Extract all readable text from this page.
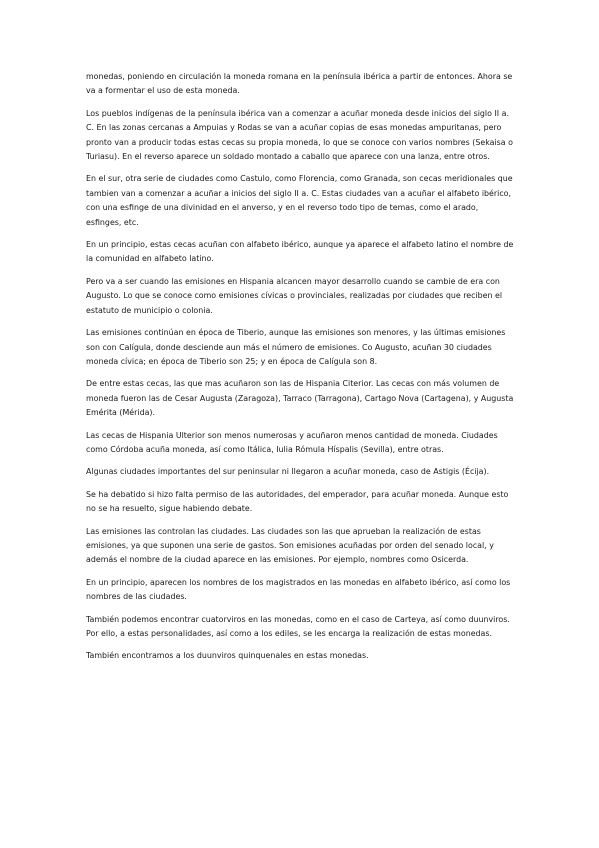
monedas, poniendo en circulación la moneda romana en la península ibérica a partir de entonces. Ahora se va a formentar el uso de esta moneda.

Los pueblos indígenas de la península ibérica van a comenzar a acuñar moneda desde inicios del siglo II a. C. En las zonas cercanas a Ampuias y Rodas se van a acuñar copias de esas monedas ampuritanas, pero pronto van a producir todas estas cecas su propia moneda, lo que se conoce con varios nombres (Sekaisa o Turiasu). En el reverso aparece un soldado montado a caballo que aparece con una lanza, entre otros.

En el sur, otra serie de ciudades como Castulo, como Florencia, como Granada, son cecas meridionales que tambien van a comenzar a acuñar a inicios del siglo II a. C. Estas ciudades van a acuñar el alfabeto ibérico, con una esfinge de una divinidad en el anverso, y en el reverso todo tipo de temas, como el arado, esfinges, etc.

En un principio, estas cecas acuñan con alfabeto ibérico, aunque ya aparece el alfabeto latino el nombre de la comunidad en alfabeto latino.

Pero va a ser cuando las emisiones en Hispania alcancen mayor desarrollo cuando se cambie de era con Augusto. Lo que se conoce como emisiones cívicas o provinciales, realizadas por ciudades que reciben el estatuto de municipio o colonia.

Las emisiones continúan en época de Tiberio, aunque las emisiones son menores, y las últimas emisiones son con Calígula, donde desciende aun más el número de emisiones. Co Augusto, acuñan 30 ciudades moneda cívica; en época de Tiberio son 25; y en época de Calígula son 8.

De entre estas cecas, las que mas acuñaron son las de Hispania Citerior. Las cecas con más volumen de moneda fueron las de Cesar Augusta (Zaragoza), Tarraco (Tarragona), Cartago Nova (Cartagena), y Augusta Emérita (Mérida).

Las cecas de Hispania Ulterior son menos numerosas y acuñaron menos cantidad de moneda. Ciudades como Córdoba acuña moneda, así como Itálica, Iulia Rómula Híspalis (Sevilla), entre otras.

Algunas ciudades importantes del sur peninsular ni llegaron a acuñar moneda, caso de Astigis (Écija).

Se ha debatido si hizo falta permiso de las autoridades, del emperador, para acuñar moneda. Aunque esto no se ha resuelto, sigue habiendo debate.

Las emisiones las controlan las ciudades. Las ciudades son las que aprueban la realización de estas emisiones, ya que suponen una serie de gastos. Son emisiones acuñadas por orden del senado local, y además el nombre de la ciudad aparece en las emisiones. Por ejemplo, nombres como Osicerda.

En un principio, aparecen los nombres de los magistrados en las monedas en alfabeto ibérico, así como los nombres de las ciudades.

También podemos encontrar cuatorviros en las monedas, como en el caso de Carteya, así como duunviros. Por ello, a estas personalidades, así como a los ediles, se les encarga la realización de estas monedas.

También encontramos a los duunviros quinquenales en estas monedas.
